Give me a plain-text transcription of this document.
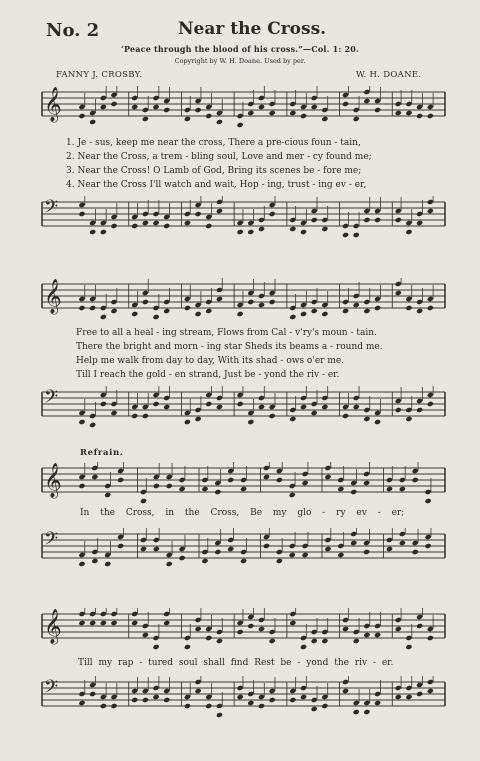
No. 2	Near the Cross.
‘Peace through the blood of his cross.”—Col. 1: 20.
Copyright by W. H. Doane. Used by per.
FANNY J. CROSBY.	W. H. DOANE.
𝄞
1. Je - sus, keep me near the cross, There a pre-cious foun - tain,
2. Near the Cross, a trem - bling soul, Love and mer - cy found me;
3. Near the Cross! O Lamb of God, Bring its scenes be - fore me;
4. Near the Cross I'll watch and wait, Hop - ing, trust - ing ev - er,
𝄢
𝄞
Free to all a heal - ing stream, Flows from Cal - v'ry's moun - tain.
There the bright and morn - ing star Sheds its beams a - round me.
Help me walk from day to day, With its shad - ows o'er me.
Till I reach the gold - en strand, Just be - yond the riv - er.
𝄢
Refrain.
𝄞
In the Cross, in the Cross, Be my glo - ry ev - er;
𝄢
𝄞
Till my rap - tured soul shall find Rest be - yond the riv - er.
𝄢
